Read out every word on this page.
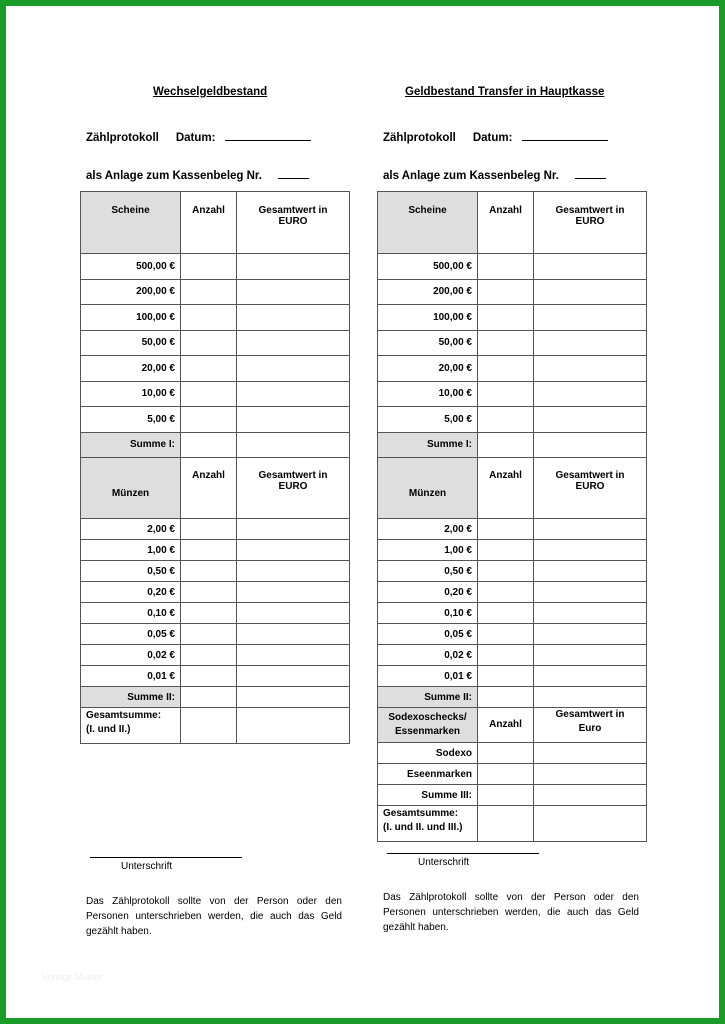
Wechselgeldbestand
Zählprotokoll Datum:
als Anlage zum Kassenbeleg Nr.
Scheine	Anzahl	Gesamtwert in
EURO
500,00 €		
200,00 €		
100,00 €		
50,00 €		
20,00 €		
10,00 €		
5,00 €		
Summe I:		
Münzen	Anzahl	Gesamtwert in
EURO
2,00 €		
1,00 €		
0,50 €		
0,20 €		
0,10 €		
0,05 €		
0,02 €		
0,01 €		
Summe II:		
Gesamtsumme:
(I. und II.)		
Unterschrift
Das Zählprotokoll sollte von der Person oder den Personen unterschrieben werden, die auch das Geld gezählt haben.
Geldbestand Transfer in Hauptkasse
Zählprotokoll Datum:
als Anlage zum Kassenbeleg Nr.
Scheine	Anzahl	Gesamtwert in
EURO
500,00 €		
200,00 €		
100,00 €		
50,00 €		
20,00 €		
10,00 €		
5,00 €		
Summe I:		
Münzen	Anzahl	Gesamtwert in
EURO
2,00 €		
1,00 €		
0,50 €		
0,20 €		
0,10 €		
0,05 €		
0,02 €		
0,01 €		
Summe II:		
Sodexoschecks/
Essenmarken	Anzahl	Gesamtwert in
Euro
Sodexo		
Eseenmarken		
Summe III:		
Gesamtsumme:
(I. und II. und III.)		
Unterschrift
Das Zählprotokoll sollte von der Person oder den Personen unterschrieben werden, die auch das Geld gezählt haben.
Vorlage Muster
